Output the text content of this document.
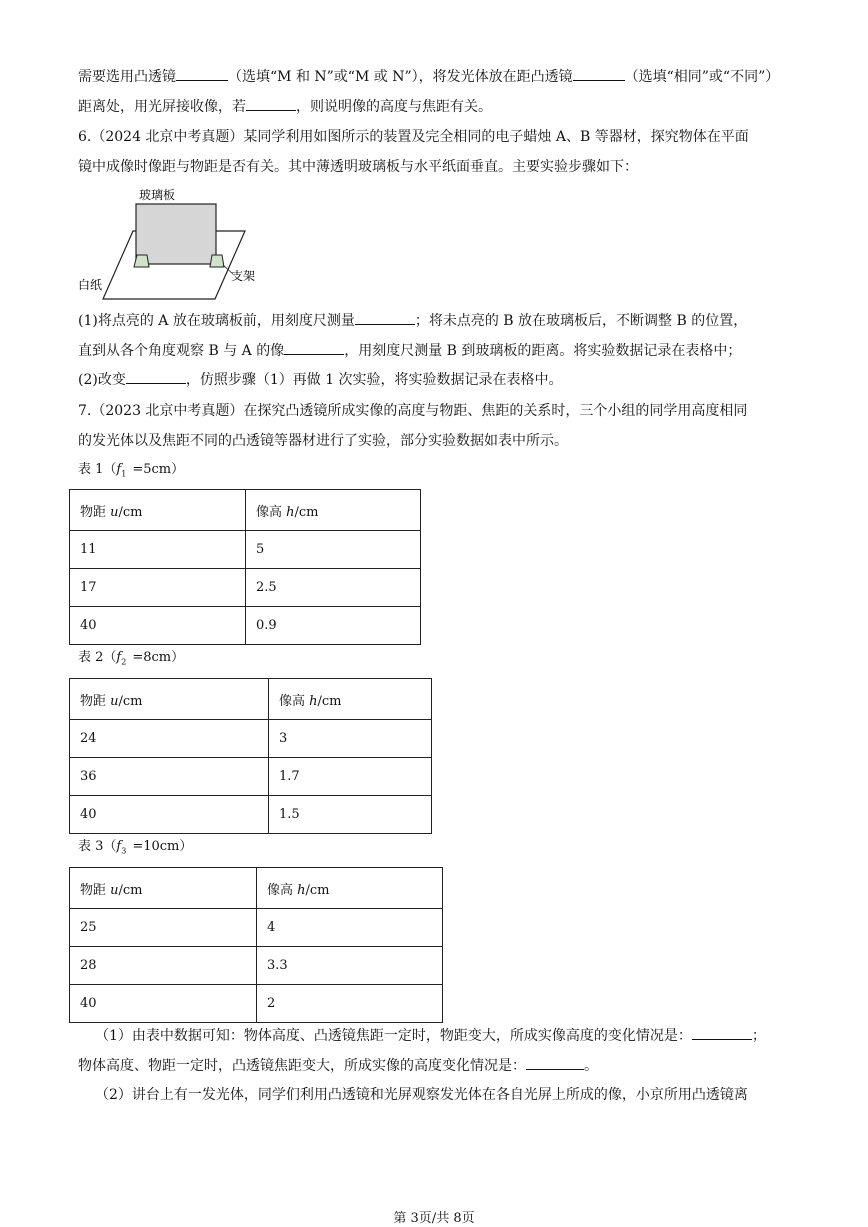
需要选用凸透镜	（选填“M 和 N”或“M 或 N”），将发光体放在距凸透镜	（选填“相同”或“不同”）
距离处，用光屏接收像，若	，则说明像的高度与焦距有关。
6.（2024 北京中考真题）某同学利用如图所示的装置及完全相同的电子蜡烛 A、B 等器材，探究物体在平面
镜中成像时像距与物距是否有关。其中薄透明玻璃板与水平纸面垂直。主要实验步骤如下：
玻璃板
白纸
支架
(1)将点亮的 A 放在玻璃板前，用刻度尺测量	；将未点亮的 B 放在玻璃板后，不断调整 B 的位置，
直到从各个角度观察 B 与 A 的像	，用刻度尺测量 B 到玻璃板的距离。将实验数据记录在表格中；
(2)改变	，仿照步骤（1）再做 1 次实验，将实验数据记录在表格中。
7.（2023 北京中考真题）在探究凸透镜所成实像的高度与物距、焦距的关系时，三个小组的同学用高度相同
的发光体以及焦距不同的凸透镜等器材进行了实验，部分实验数据如表中所示。
表 $1(f_1 =5cm)$
物距 u/cm	像高 h/cm
11	5
17	2.5
40	0.9
表 $2(f_2 =8cm)$
物距 u/cm	像高 h/cm
24	3
36	1.7
40	1.5
表 $3(f_3 =10cm)$
物距 u/cm	像高 h/cm
25	4
28	3.3
40	2
（1）由表中数据可知：物体高度、凸透镜焦距一定时，物距变大，所成实像高度的变化情况是：	；
物体高度、物距一定时，凸透镜焦距变大，所成实像的高度变化情况是：	。
（2）讲台上有一发光体，同学们利用凸透镜和光屏观察发光体在各自光屏上所成的像，小京所用凸透镜离
第 3页/共 8页
